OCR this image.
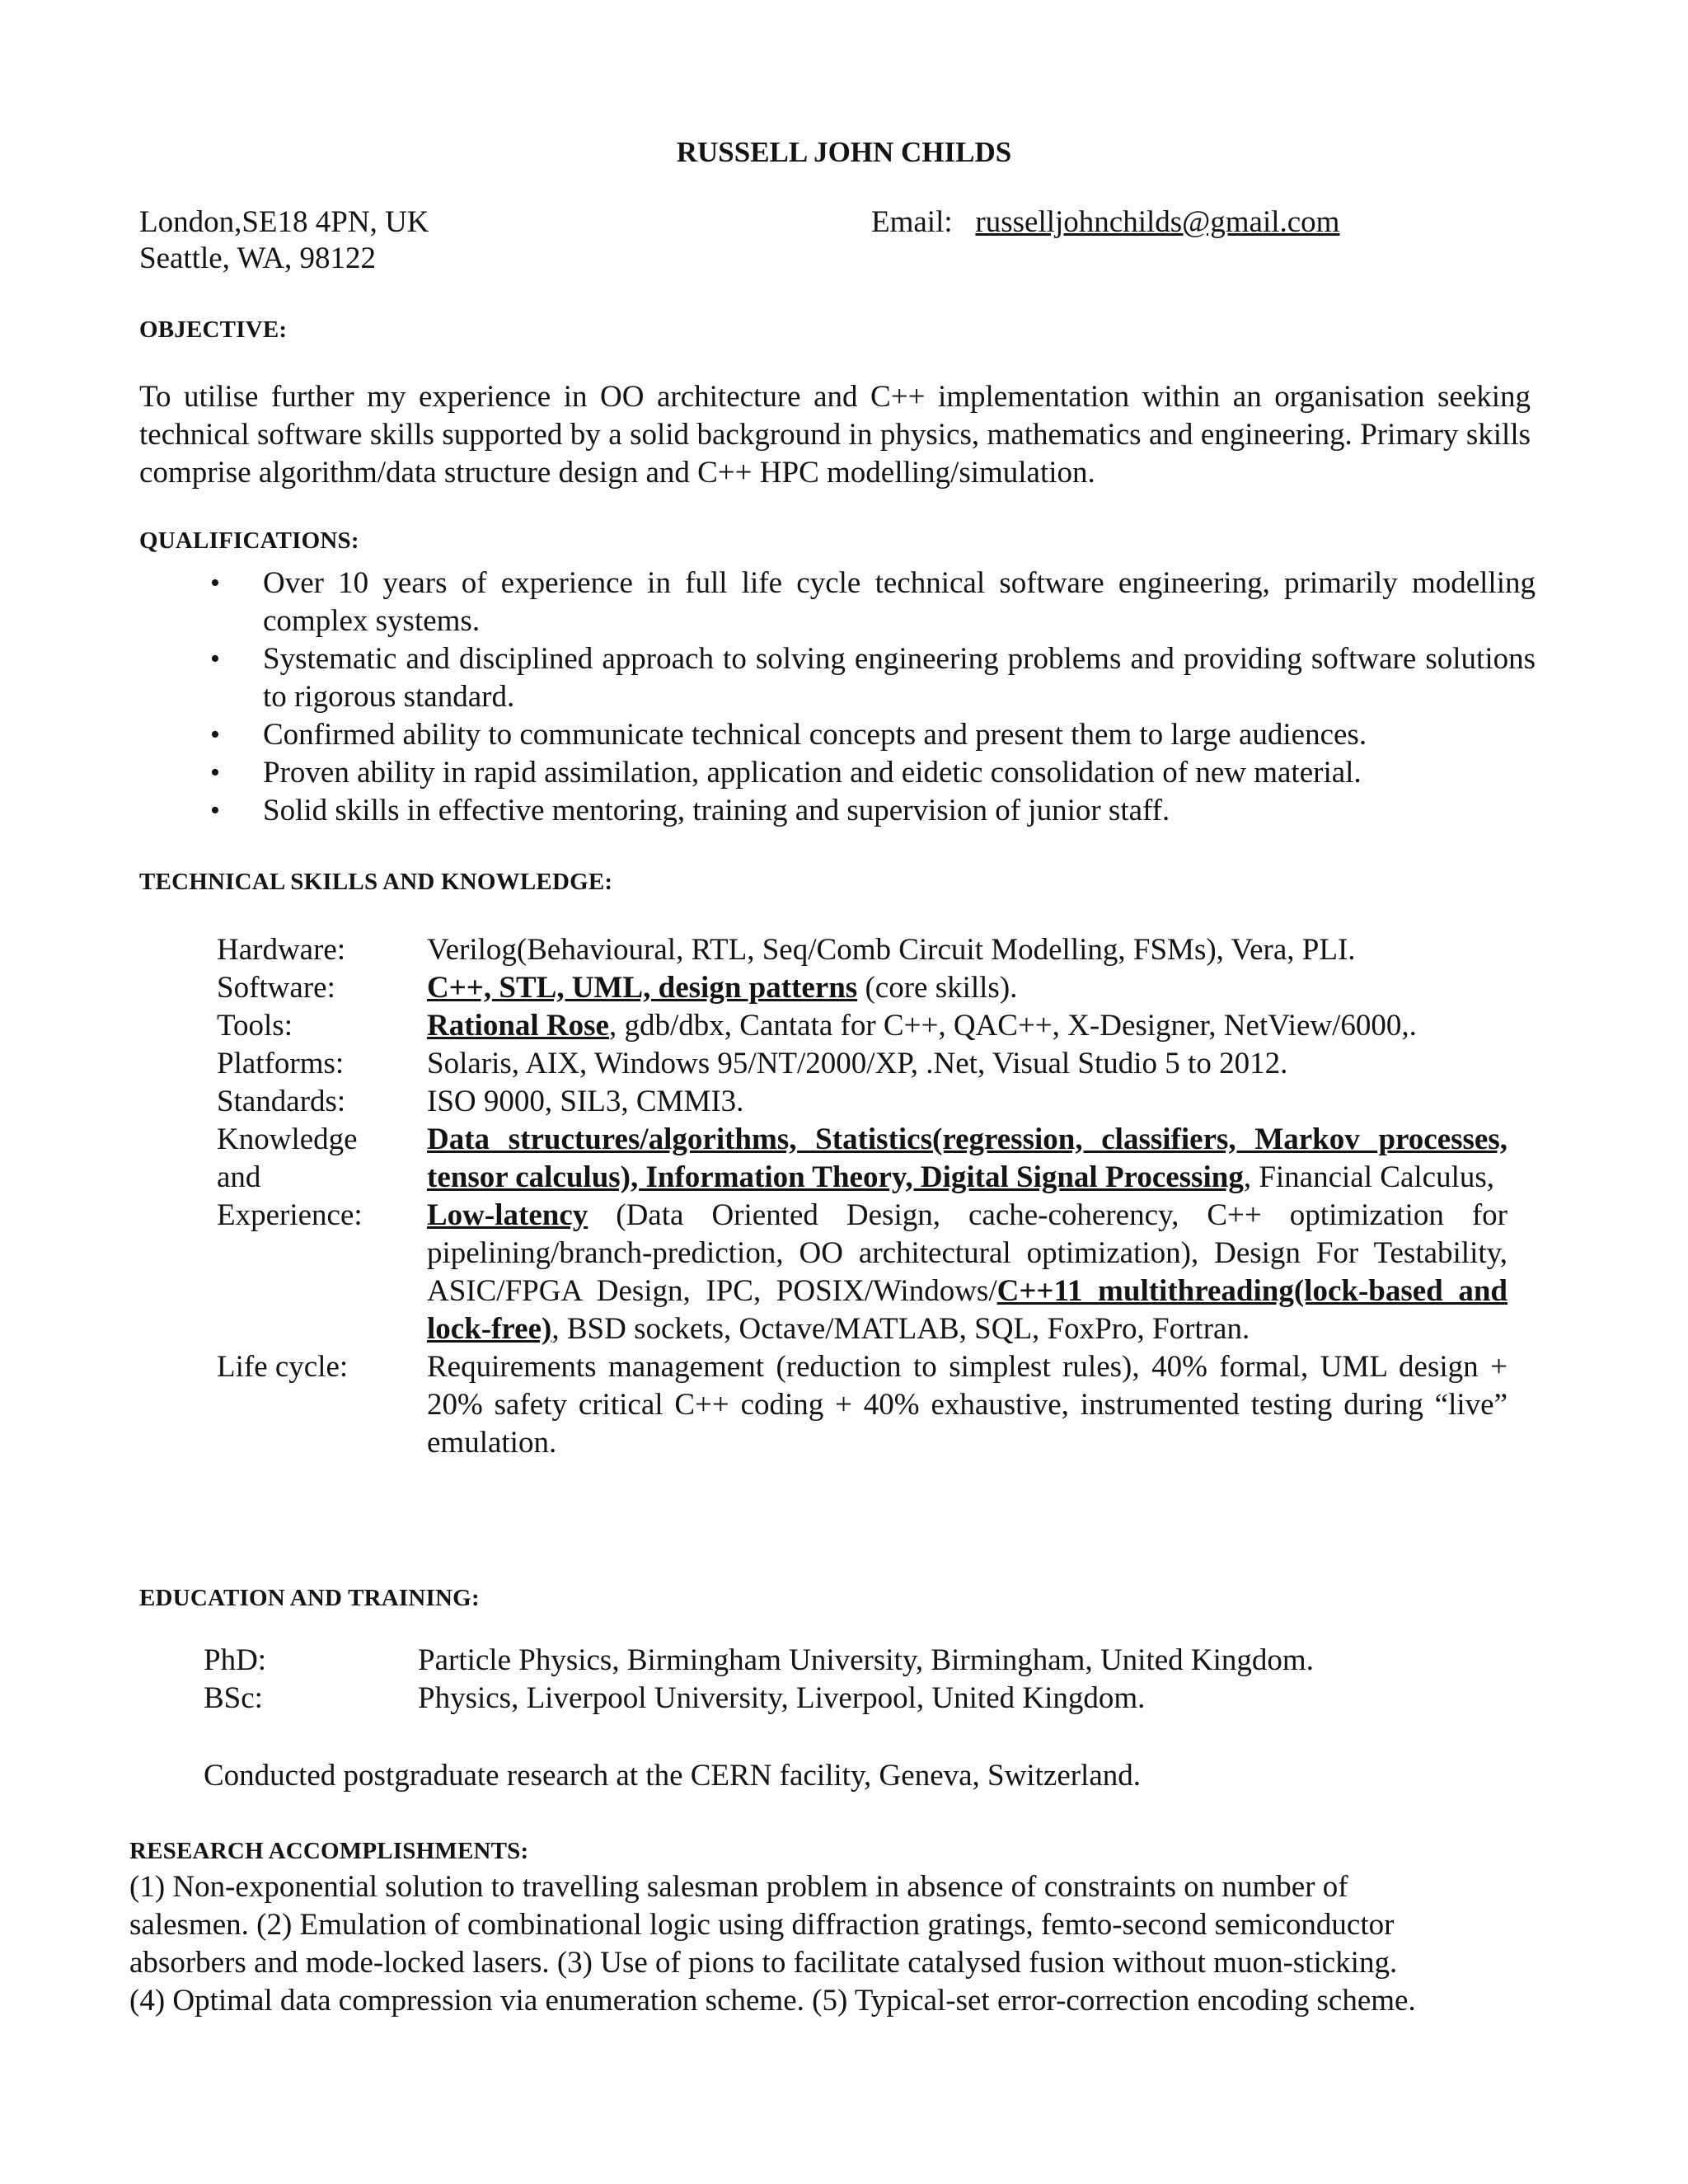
RUSSELL JOHN CHILDS
London,SE18 4PN, UK
Seattle, WA, 98122
Email: russelljohnchilds@gmail.com
OBJECTIVE:
To utilise further my experience in OO architecture and C++ implementation within an organisation seeking technical software skills supported by a solid background in physics, mathematics and engineering. Primary skills comprise algorithm/data structure design and C++ HPC modelling/simulation.
QUALIFICATIONS:
•	Over 10 years of experience in full life cycle technical software engineering, primarily modelling complex systems.
•	Systematic and disciplined approach to solving engineering problems and providing software solutions to rigorous standard.
•	Confirmed ability to communicate technical concepts and present them to large audiences.
•	Proven ability in rapid assimilation, application and eidetic consolidation of new material.
•	Solid skills in effective mentoring, training and supervision of junior staff.
TECHNICAL SKILLS AND KNOWLEDGE:
Hardware:	Verilog(Behavioural, RTL, Seq/Comb Circuit Modelling, FSMs), Vera, PLI.
Software:	C++, STL, UML, design patterns (core skills).
Tools:	Rational Rose, gdb/dbx, Cantata for C++, QAC++, X-Designer, NetView/6000,.
Platforms:	Solaris, AIX, Windows 95/NT/2000/XP, .Net, Visual Studio 5 to 2012.
Standards:	ISO 9000, SIL3, CMMI3.
Knowledge
and
Experience:
Data structures/algorithms, Statistics(regression, classifiers, Markov processes, tensor calculus), Information Theory, Digital Signal Processing, Financial Calculus,
Low-latency (Data Oriented Design, cache-coherency, C++ optimization for pipelining/branch-prediction, OO architectural optimization), Design For Testability, ASIC/FPGA Design, IPC, POSIX/Windows/C++11 multithreading(lock-based and lock-free), BSD sockets, Octave/MATLAB, SQL, FoxPro, Fortran.
Life cycle:	Requirements management (reduction to simplest rules), 40% formal, UML design + 20% safety critical C++ coding + 40% exhaustive, instrumented testing during “live” emulation.
EDUCATION AND TRAINING:
PhD:	Particle Physics, Birmingham University, Birmingham, United Kingdom.
BSc:	Physics, Liverpool University, Liverpool, United Kingdom.
Conducted postgraduate research at the CERN facility, Geneva, Switzerland.
RESEARCH ACCOMPLISHMENTS:
(1) Non-exponential solution to travelling salesman problem in absence of constraints on number of
salesmen. (2) Emulation of combinational logic using diffraction gratings, femto-second semiconductor
absorbers and mode-locked lasers. (3) Use of pions to facilitate catalysed fusion without muon-sticking.
(4) Optimal data compression via enumeration scheme. (5) Typical-set error-correction encoding scheme.
